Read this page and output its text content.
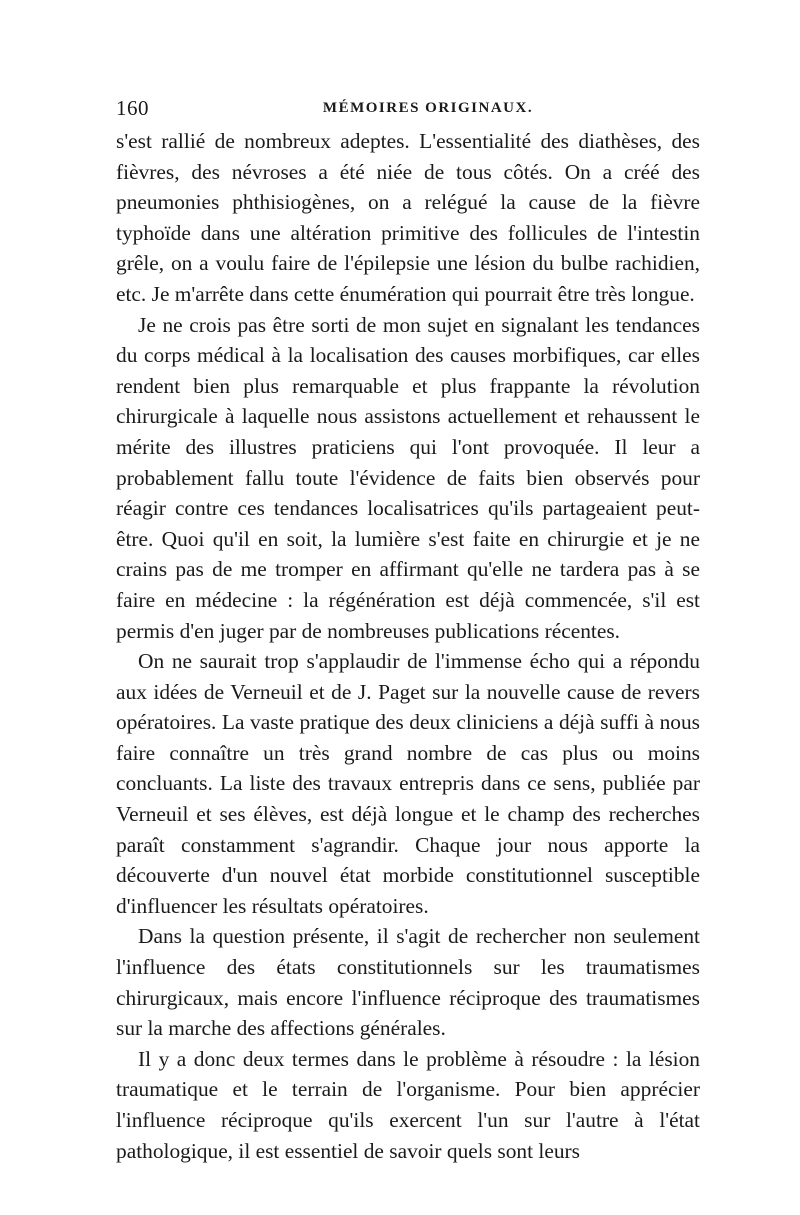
160	MÉMOIRES ORIGINAUX.

s'est rallié de nombreux adeptes. L'essentialité des diathèses, des fièvres, des névroses a été niée de tous côtés. On a créé des pneumonies phthisiogènes, on a relégué la cause de la fièvre typhoïde dans une altération primitive des follicules de l'intestin grêle, on a voulu faire de l'épilepsie une lésion du bulbe rachidien, etc. Je m'arrête dans cette énumération qui pourrait être très longue.

Je ne crois pas être sorti de mon sujet en signalant les tendances du corps médical à la localisation des causes morbifiques, car elles rendent bien plus remarquable et plus frappante la révolution chirurgicale à laquelle nous assistons actuellement et rehaussent le mérite des illustres praticiens qui l'ont provoquée. Il leur a probablement fallu toute l'évidence de faits bien observés pour réagir contre ces tendances localisatrices qu'ils partageaient peut-être. Quoi qu'il en soit, la lumière s'est faite en chirurgie et je ne crains pas de me tromper en affirmant qu'elle ne tardera pas à se faire en médecine : la régénération est déjà commencée, s'il est permis d'en juger par de nombreuses publications récentes.

On ne saurait trop s'applaudir de l'immense écho qui a répondu aux idées de Verneuil et de J. Paget sur la nouvelle cause de revers opératoires. La vaste pratique des deux cliniciens a déjà suffi à nous faire connaître un très grand nombre de cas plus ou moins concluants. La liste des travaux entrepris dans ce sens, publiée par Verneuil et ses élèves, est déjà longue et le champ des recherches paraît constamment s'agrandir. Chaque jour nous apporte la découverte d'un nouvel état morbide constitutionnel susceptible d'influencer les résultats opératoires.

Dans la question présente, il s'agit de rechercher non seulement l'influence des états constitutionnels sur les traumatismes chirurgicaux, mais encore l'influence réciproque des traumatismes sur la marche des affections générales.

Il y a donc deux termes dans le problème à résoudre : la lésion traumatique et le terrain de l'organisme. Pour bien apprécier l'influence réciproque qu'ils exercent l'un sur l'autre à l'état pathologique, il est essentiel de savoir quels sont leurs
